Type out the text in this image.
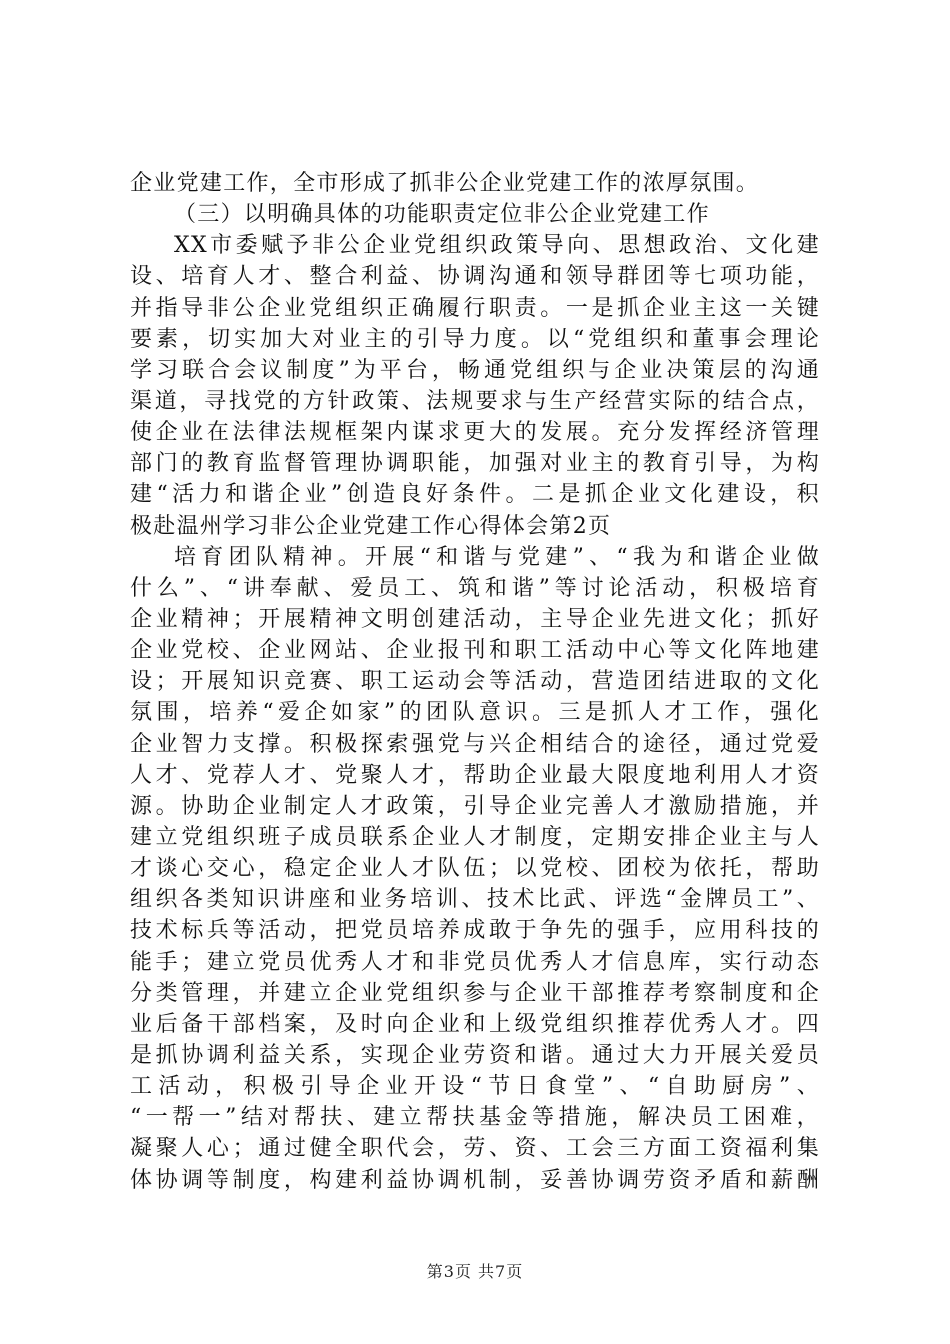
企业党建工作，全市形成了抓非公企业党建工作的浓厚氛围。
（三）以明确具体的功能职责定位非公企业党建工作
XX市委赋予非公企业党组织政策导向、思想政治、文化建
设、培育人才、整合利益、协调沟通和领导群团等七项功能，
并指导非公企业党组织正确履行职责。一是抓企业主这一关键
要素，切实加大对业主的引导力度。以“党组织和董事会理论
学习联合会议制度”为平台，畅通党组织与企业决策层的沟通
渠道，寻找党的方针政策、法规要求与生产经营实际的结合点，
使企业在法律法规框架内谋求更大的发展。充分发挥经济管理
部门的教育监督管理协调职能，加强对业主的教育引导，为构
建“活力和谐企业”创造良好条件。二是抓企业文化建设，积
极赴温州学习非公企业党建工作心得体会第2页
培育团队精神。开展“和谐与党建”、“我为和谐企业做
什么”、“讲奉献、爱员工、筑和谐”等讨论活动，积极培育
企业精神；开展精神文明创建活动，主导企业先进文化；抓好
企业党校、企业网站、企业报刊和职工活动中心等文化阵地建
设；开展知识竞赛、职工运动会等活动，营造团结进取的文化
氛围，培养“爱企如家”的团队意识。三是抓人才工作，强化
企业智力支撑。积极探索强党与兴企相结合的途径，通过党爱
人才、党荐人才、党聚人才，帮助企业最大限度地利用人才资
源。协助企业制定人才政策，引导企业完善人才激励措施，并
建立党组织班子成员联系企业人才制度，定期安排企业主与人
才谈心交心，稳定企业人才队伍；以党校、团校为依托，帮助
组织各类知识讲座和业务培训、技术比武、评选“金牌员工”、
技术标兵等活动，把党员培养成敢于争先的强手，应用科技的
能手；建立党员优秀人才和非党员优秀人才信息库，实行动态
分类管理，并建立企业党组织参与企业干部推荐考察制度和企
业后备干部档案，及时向企业和上级党组织推荐优秀人才。四
是抓协调利益关系，实现企业劳资和谐。通过大力开展关爱员
工活动，积极引导企业开设“节日食堂”、“自助厨房”、
“一帮一”结对帮扶、建立帮扶基金等措施，解决员工困难，
凝聚人心；通过健全职代会，劳、资、工会三方面工资福利集
体协调等制度，构建利益协调机制，妥善协调劳资矛盾和薪酬
第3页 共7页
